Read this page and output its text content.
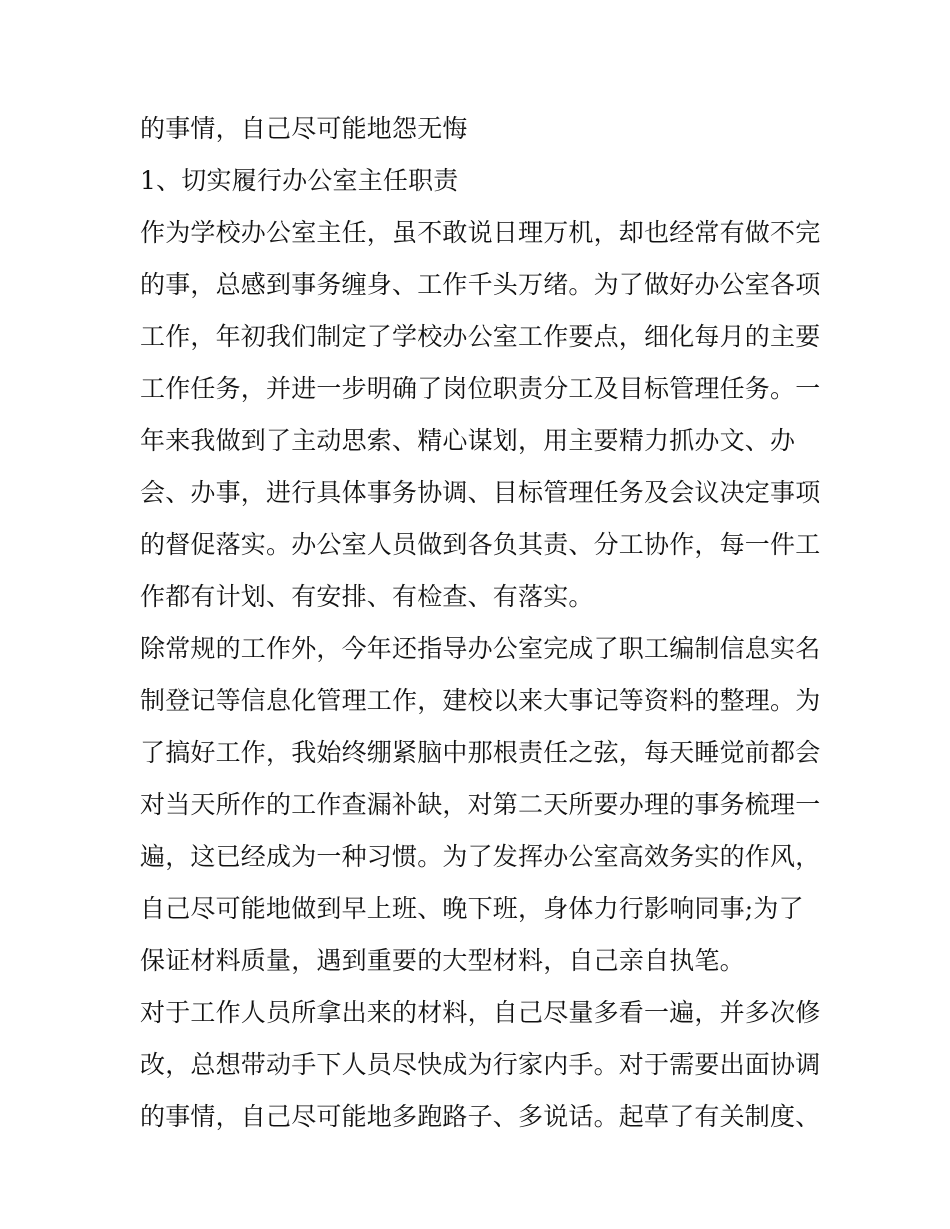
的事情，自己尽可能地怨无悔
1、切实履行办公室主任职责
作为学校办公室主任，虽不敢说日理万机，却也经常有做不完
的事，总感到事务缠身、工作千头万绪。为了做好办公室各项
工作，年初我们制定了学校办公室工作要点，细化每月的主要
工作任务，并进一步明确了岗位职责分工及目标管理任务。一
年来我做到了主动思索、精心谋划，用主要精力抓办文、办
会、办事，进行具体事务协调、目标管理任务及会议决定事项
的督促落实。办公室人员做到各负其责、分工协作，每一件工
作都有计划、有安排、有检查、有落实。
除常规的工作外，今年还指导办公室完成了职工编制信息实名
制登记等信息化管理工作，建校以来大事记等资料的整理。为
了搞好工作，我始终绷紧脑中那根责任之弦，每天睡觉前都会
对当天所作的工作查漏补缺，对第二天所要办理的事务梳理一
遍，这已经成为一种习惯。为了发挥办公室高效务实的作风，
自己尽可能地做到早上班、晚下班，身体力行影响同事;为了
保证材料质量，遇到重要的大型材料，自己亲自执笔。
对于工作人员所拿出来的材料，自己尽量多看一遍，并多次修
改，总想带动手下人员尽快成为行家内手。对于需要出面协调
的事情，自己尽可能地多跑路子、多说话。起草了有关制度、
